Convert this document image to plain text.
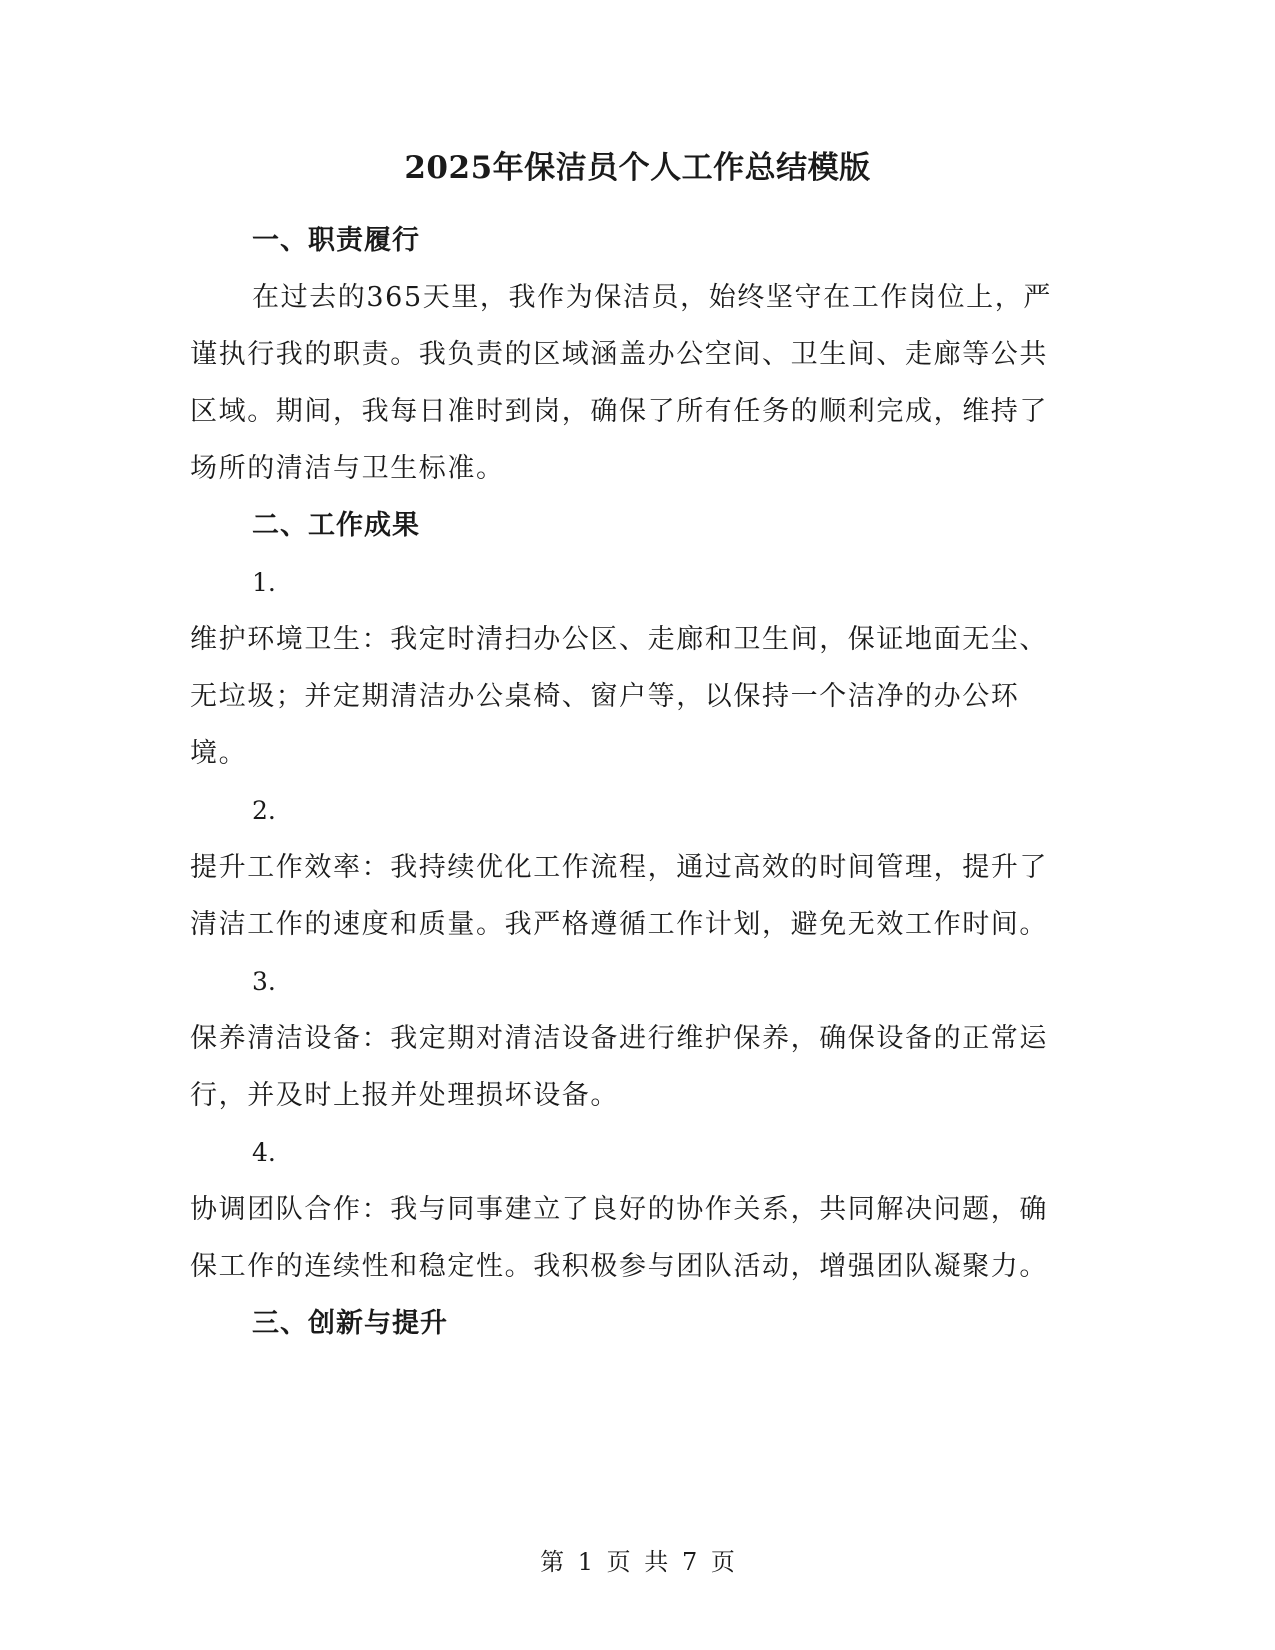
2025年保洁员个人工作总结模版

一、职责履行

在过去的365天里，我作为保洁员，始终坚守在工作岗位上，严谨执行我的职责。我负责的区域涵盖办公空间、卫生间、走廊等公共区域。期间，我每日准时到岗，确保了所有任务的顺利完成，维持了场所的清洁与卫生标准。

二、工作成果

1.

维护环境卫生：我定时清扫办公区、走廊和卫生间，保证地面无尘、无垃圾；并定期清洁办公桌椅、窗户等，以保持一个洁净的办公环境。

2.

提升工作效率：我持续优化工作流程，通过高效的时间管理，提升了清洁工作的速度和质量。我严格遵循工作计划，避免无效工作时间。

3.

保养清洁设备：我定期对清洁设备进行维护保养，确保设备的正常运行，并及时上报并处理损坏设备。

4.

协调团队合作：我与同事建立了良好的协作关系，共同解决问题，确保工作的连续性和稳定性。我积极参与团队活动，增强团队凝聚力。

三、创新与提升

第 1 页 共 7 页
